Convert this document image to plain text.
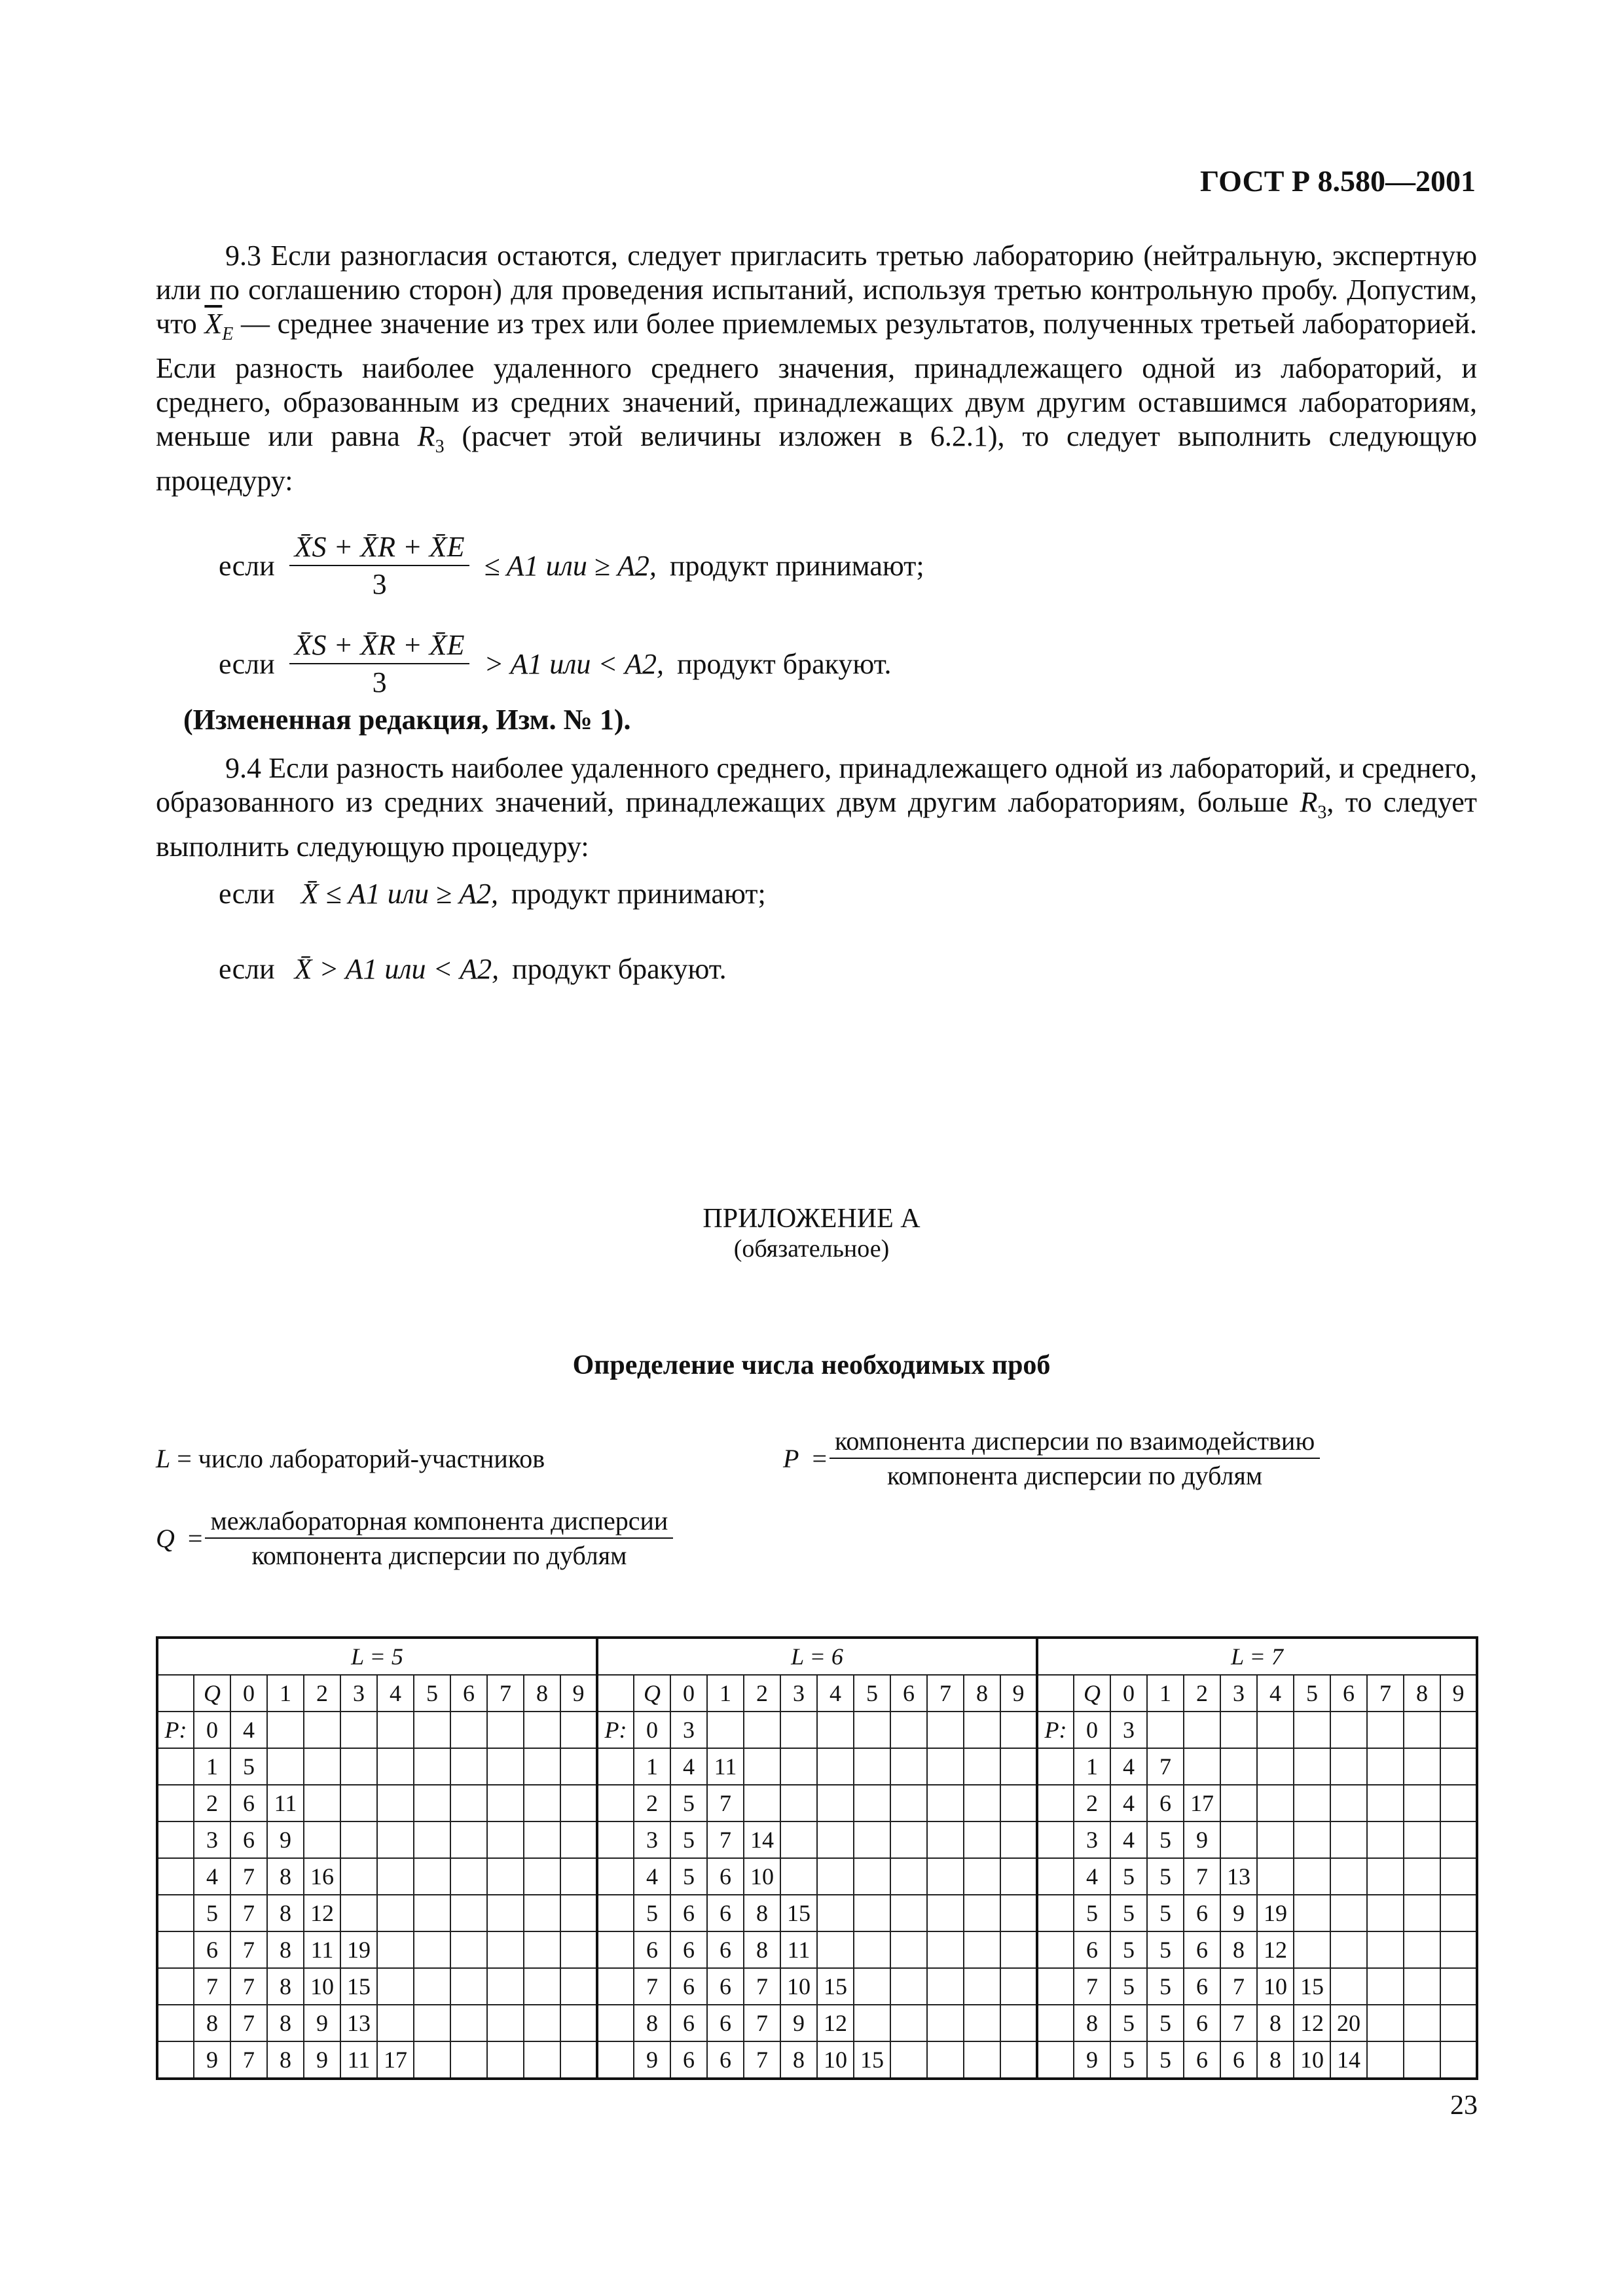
ГОСТ Р 8.580—2001
9.3 Если разногласия остаются, следует пригласить третью лабораторию (нейтральную, экспертную или по соглашению сторон) для проведения испытаний, используя третью контрольную пробу. Допустим, что $\overline{X}_E$ — среднее значение из трех или более приемлемых результатов, полученных третьей лабораторией. Если разность наиболее удаленного среднего значения, принадлежащего одной из лабораторий, и среднего, образованным из средних значений, принадлежащих двум другим оставшимся лабораториям, меньше или равна $R_3$ (расчет этой величины изложен в 6.2.1), то следует выполнить следующую процедуру:
если $\frac{X̄S + X̄R + X̄E}{3} \le A1$ или ≥ A2, продукт принимают;
если $\frac{X̄S + X̄R + X̄E}{3} > A1$ или < A2, продукт бракуют.
(Измененная редакция, Изм. № 1).
9.4 Если разность наиболее удаленного среднего, принадлежащего одной из лабораторий, и среднего, образованного из средних значений, принадлежащих двум другим лабораториям, больше $R_3$, то следует выполнить следующую процедуру:
если X̄ ≤ A1 или ≥ A2, продукт принимают;
если X̄ > A1 или < A2, продукт бракуют.
ПРИЛОЖЕНИЕ А
(обязательное)
Определение числа необходимых проб
L = число лабораторий-участников	$P = \frac{\text{компонента дисперсии по взаимодействию}}{\text{компонента дисперсии по дублям}}$
$Q = \frac{\text{межлабораторная компонента дисперсии}}{\text{компонента дисперсии по дублям}}$
L = 5												L = 6												L = 7											
	Q	0	1	2	3	4	5	6	7	8	9		Q	0	1	2	3	4	5	6	7	8	9		Q	0	1	2	3	4	5	6	7	8	9
P:	0	4										P:	0	3										P:	0	3									
	1	5											1	4	11										1	4	7								
	2	6	11										2	5	7										2	4	6	17							
	3	6	9										3	5	7	14									3	4	5	9							
	4	7	8	16									4	5	6	10									4	5	5	7	13						
	5	7	8	12									5	6	6	8	15								5	5	5	6	9	19					
	6	7	8	11	19								6	6	6	8	11								6	5	5	6	8	12					
	7	7	8	10	15								7	6	6	7	10	15							7	5	5	6	7	10	15				
	8	7	8	9	13								8	6	6	7	9	12							8	5	5	6	7	8	12	20			
	9	7	8	9	11	17							9	6	6	7	8	10	15						9	5	5	6	6	8	10	14			
23
